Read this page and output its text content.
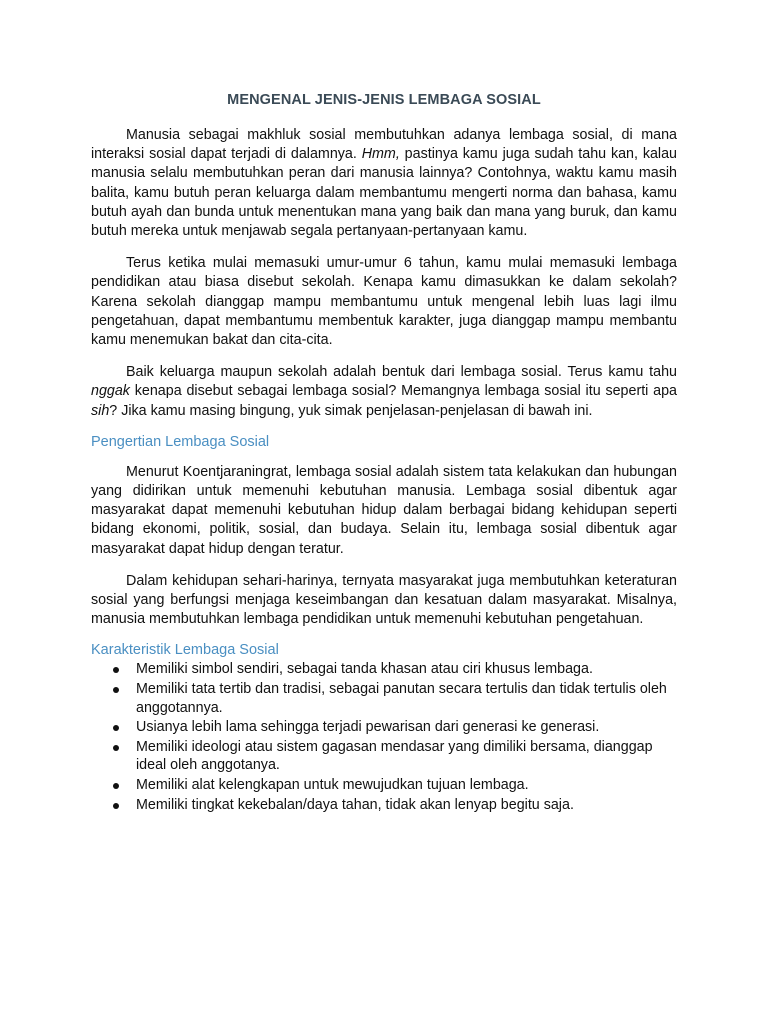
MENGENAL JENIS-JENIS LEMBAGA SOSIAL

Manusia sebagai makhluk sosial membutuhkan adanya lembaga sosial, di mana interaksi sosial dapat terjadi di dalamnya. Hmm, pastinya kamu juga sudah tahu kan, kalau manusia selalu membutuhkan peran dari manusia lainnya? Contohnya, waktu kamu masih balita, kamu butuh peran keluarga dalam membantumu mengerti norma dan bahasa, kamu butuh ayah dan bunda untuk menentukan mana yang baik dan mana yang buruk, dan kamu butuh mereka untuk menjawab segala pertanyaan-pertanyaan kamu.

Terus ketika mulai memasuki umur-umur 6 tahun, kamu mulai memasuki lembaga pendidikan atau biasa disebut sekolah. Kenapa kamu dimasukkan ke dalam sekolah? Karena sekolah dianggap mampu membantumu untuk mengenal lebih luas lagi ilmu pengetahuan, dapat membantumu membentuk karakter, juga dianggap mampu membantu kamu menemukan bakat dan cita-cita.

Baik keluarga maupun sekolah adalah bentuk dari lembaga sosial. Terus kamu tahu nggak kenapa disebut sebagai lembaga sosial? Memangnya lembaga sosial itu seperti apa sih? Jika kamu masing bingung, yuk simak penjelasan-penjelasan di bawah ini.

Pengertian Lembaga Sosial

Menurut Koentjaraningrat, lembaga sosial adalah sistem tata kelakukan dan hubungan yang didirikan untuk memenuhi kebutuhan manusia. Lembaga sosial dibentuk agar masyarakat dapat memenuhi kebutuhan hidup dalam berbagai bidang kehidupan seperti bidang ekonomi, politik, sosial, dan budaya. Selain itu, lembaga sosial dibentuk agar masyarakat dapat hidup dengan teratur.

Dalam kehidupan sehari-harinya, ternyata masyarakat juga membutuhkan keteraturan sosial yang berfungsi menjaga keseimbangan dan kesatuan dalam masyarakat. Misalnya, manusia membutuhkan lembaga pendidikan untuk memenuhi kebutuhan pengetahuan.

Karakteristik Lembaga Sosial
Memiliki simbol sendiri, sebagai tanda khasan atau ciri khusus lembaga.
Memiliki tata tertib dan tradisi, sebagai panutan secara tertulis dan tidak tertulis oleh anggotannya.
Usianya lebih lama sehingga terjadi pewarisan dari generasi ke generasi.
Memiliki ideologi atau sistem gagasan mendasar yang dimiliki bersama, dianggap ideal oleh anggotanya.
Memiliki alat kelengkapan untuk mewujudkan tujuan lembaga.
Memiliki tingkat kekebalan/daya tahan, tidak akan lenyap begitu saja.
